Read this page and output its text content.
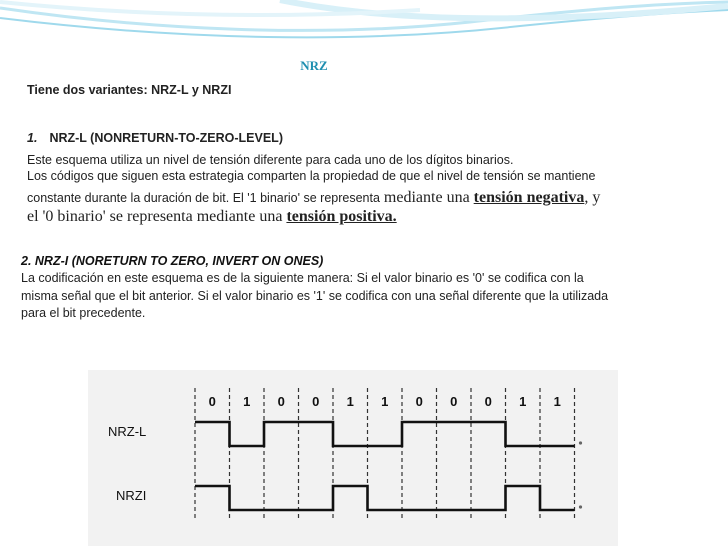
NRZ

Tiene dos variantes: NRZ-L y NRZI

1. NRZ-L (NONRETURN-TO-ZERO-LEVEL)

Este esquema utiliza un nivel de tensión diferente para cada uno de los dígitos binarios.

Los códigos que siguen esta estrategia comparten la propiedad de que el nivel de tensión se mantiene

constante durante la duración de bit. El '1 binario' se representa mediante una tensión negativa, y

el '0 binario' se representa mediante una tensión positiva.

2. NRZ-I (NORETURN TO ZERO, INVERT ON ONES)

La codificación en este esquema es de la siguiente manera: Si el valor binario es '0' se codifica con la

misma señal que el bit anterior. Si el valor binario es '1' se codifica con una señal diferente que la utilizada

para el bit precedente.

0 1 0 0 1 1 0 0 0 1 1
NRZ-L
NRZI
